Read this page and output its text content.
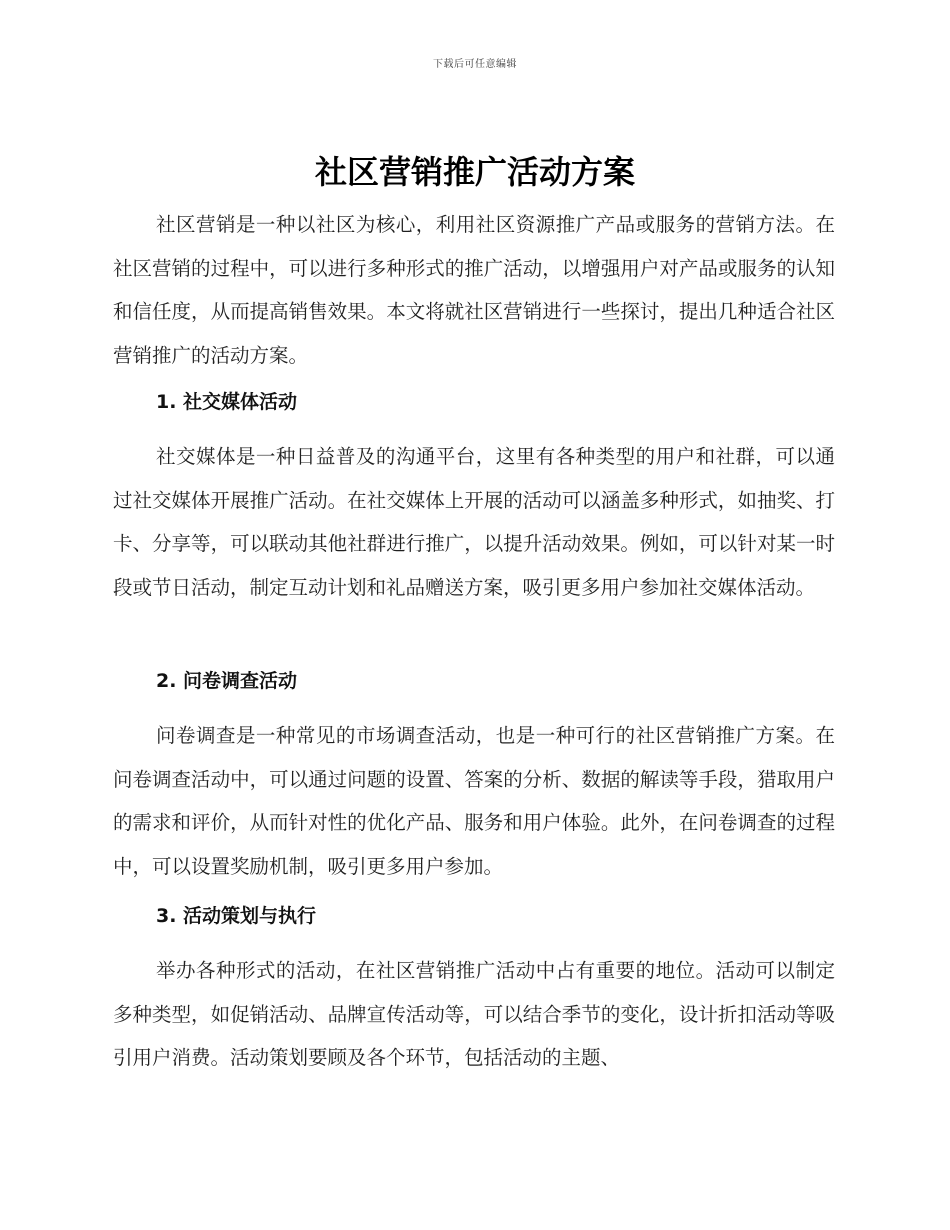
下载后可任意编辑
社区营销推广活动方案

社区营销是一种以社区为核心，利用社区资源推广产品或服务的营销方法。在社区营销的过程中，可以进行多种形式的推广活动，以增强用户对产品或服务的认知和信任度，从而提高销售效果。本文将就社区营销进行一些探讨，提出几种适合社区营销推广的活动方案。

1. 社交媒体活动

社交媒体是一种日益普及的沟通平台，这里有各种类型的用户和社群，可以通过社交媒体开展推广活动。在社交媒体上开展的活动可以涵盖多种形式，如抽奖、打卡、分享等，可以联动其他社群进行推广，以提升活动效果。例如，可以针对某一时段或节日活动，制定互动计划和礼品赠送方案，吸引更多用户参加社交媒体活动。

2. 问卷调查活动

问卷调查是一种常见的市场调查活动，也是一种可行的社区营销推广方案。在问卷调查活动中，可以通过问题的设置、答案的分析、数据的解读等手段，猎取用户的需求和评价，从而针对性的优化产品、服务和用户体验。此外，在问卷调查的过程中，可以设置奖励机制，吸引更多用户参加。

3. 活动策划与执行

举办各种形式的活动，在社区营销推广活动中占有重要的地位。活动可以制定多种类型，如促销活动、品牌宣传活动等，可以结合季节的变化，设计折扣活动等吸引用户消费。活动策划要顾及各个环节，包括活动的主题、
